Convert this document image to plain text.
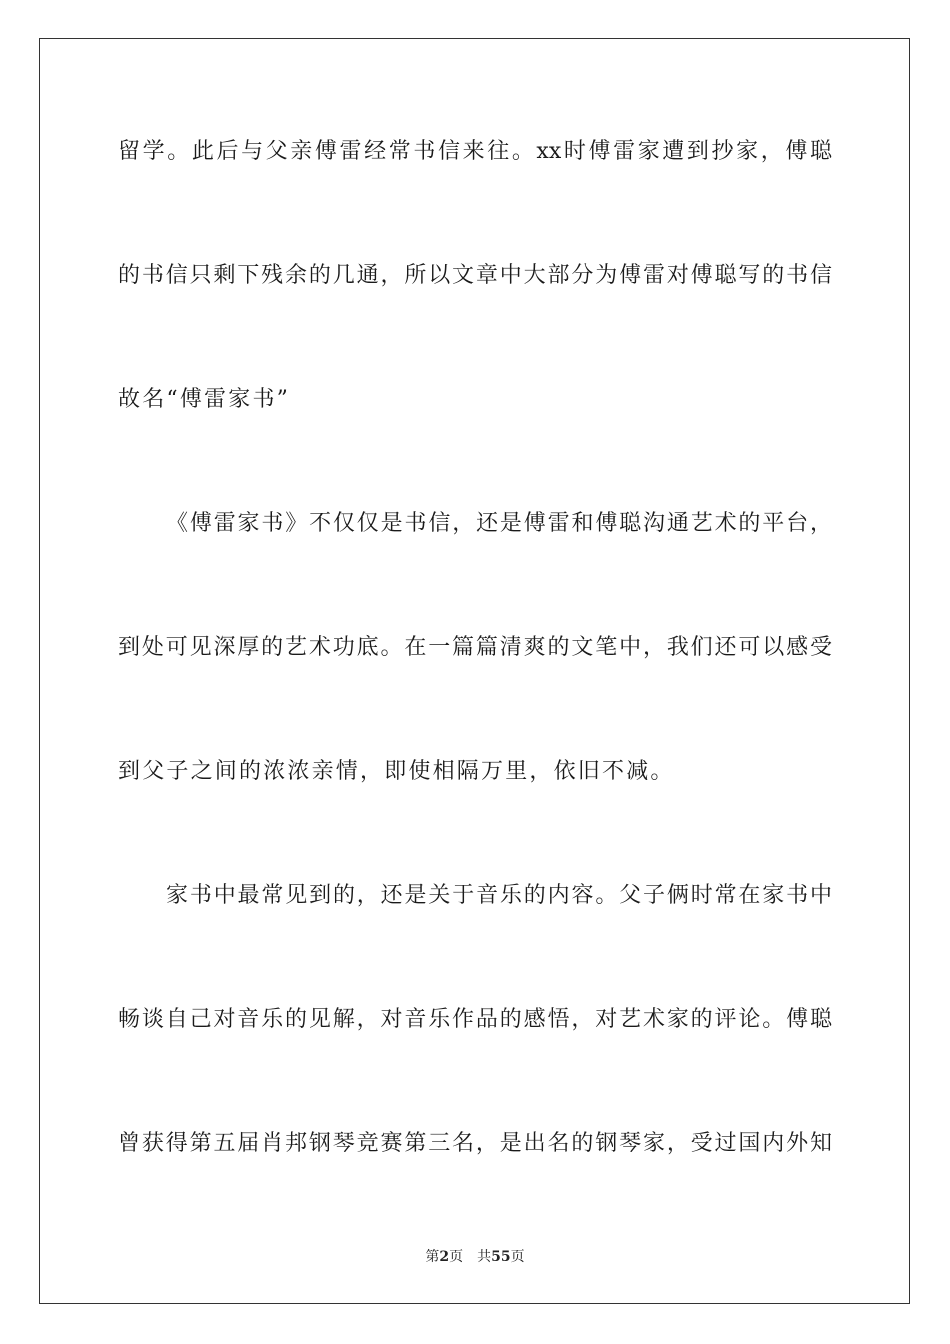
留学。此后与父亲傅雷经常书信来往。xx时傅雷家遭到抄家，傅聪
的书信只剩下残余的几通，所以文章中大部分为傅雷对傅聪写的书信
故名“傅雷家书”
《傅雷家书》不仅仅是书信，还是傅雷和傅聪沟通艺术的平台，
到处可见深厚的艺术功底。在一篇篇清爽的文笔中，我们还可以感受
到父子之间的浓浓亲情，即使相隔万里，依旧不减。
家书中最常见到的，还是关于音乐的内容。父子俩时常在家书中
畅谈自己对音乐的见解，对音乐作品的感悟，对艺术家的评论。傅聪
曾获得第五届肖邦钢琴竞赛第三名，是出名的钢琴家，受过国内外知
第2页 共55页
